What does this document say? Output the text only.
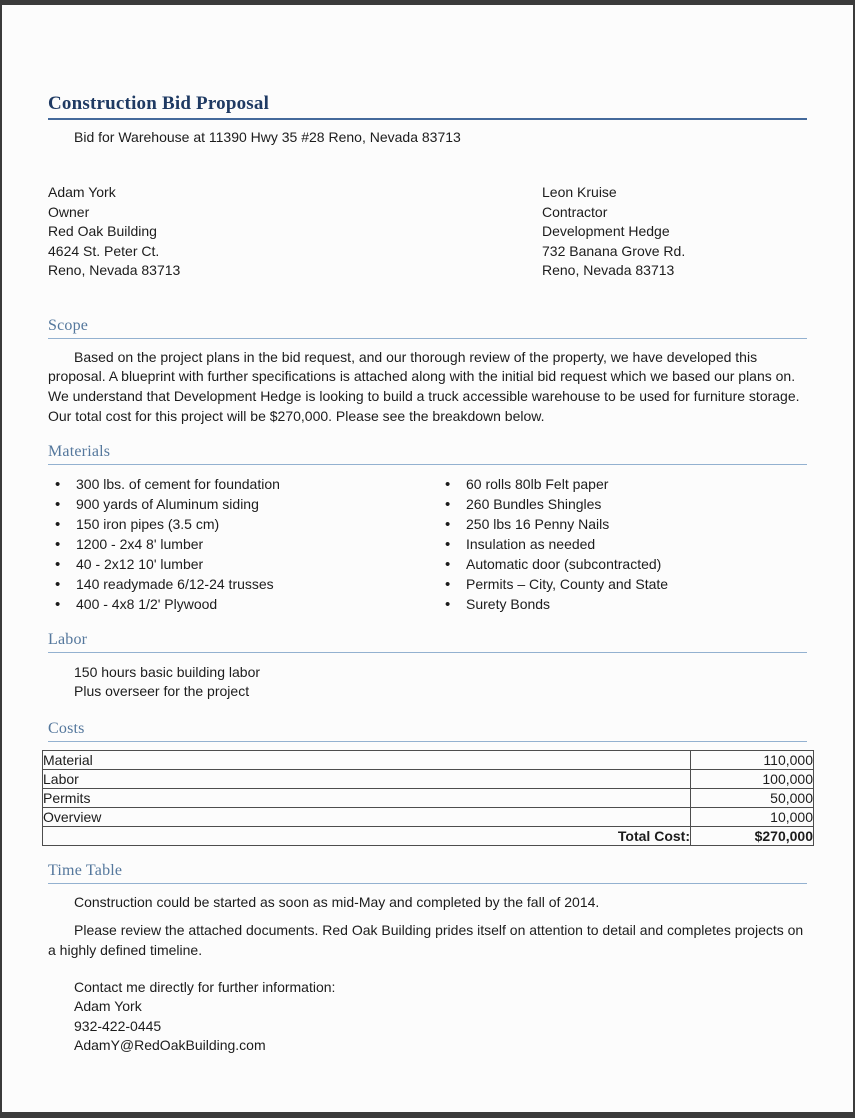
Construction Bid Proposal

Bid for Warehouse at 11390 Hwy 35 #28 Reno, Nevada 83713

Adam York

Owner

Red Oak Building

4624 St. Peter Ct.

Reno, Nevada 83713

Leon Kruise

Contractor

Development Hedge

732 Banana Grove Rd.

Reno, Nevada 83713

Scope

Based on the project plans in the bid request, and our thorough review of the property, we have developed this proposal. A blueprint with further specifications is attached along with the initial bid request which we based our plans on. We understand that Development Hedge is looking to build a truck accessible warehouse to be used for furniture storage. Our total cost for this project will be $270,000. Please see the breakdown below.

Materials
• 300 lbs. of cement for foundation
• 900 yards of Aluminum siding
• 150 iron pipes (3.5 cm)
• 1200 - 2x4 8' lumber
• 40 - 2x12 10' lumber
• 140 readymade 6/12-24 trusses
• 400 - 4x8 1/2' Plywood
• 60 rolls 80lb Felt paper
• 260 Bundles Shingles
• 250 lbs 16 Penny Nails
• Insulation as needed
• Automatic door (subcontracted)
• Permits – City, County and State
• Surety Bonds
Labor

150 hours basic building labor

Plus overseer for the project

Costs
Material	110,000
Labor	100,000
Permits	50,000
Overview	10,000
Total Cost:	$270,000
Time Table

Construction could be started as soon as mid-May and completed by the fall of 2014.

Please review the attached documents. Red Oak Building prides itself on attention to detail and completes projects on a highly defined timeline.

Contact me directly for further information:

Adam York

932-422-0445

AdamY@RedOakBuilding.com
